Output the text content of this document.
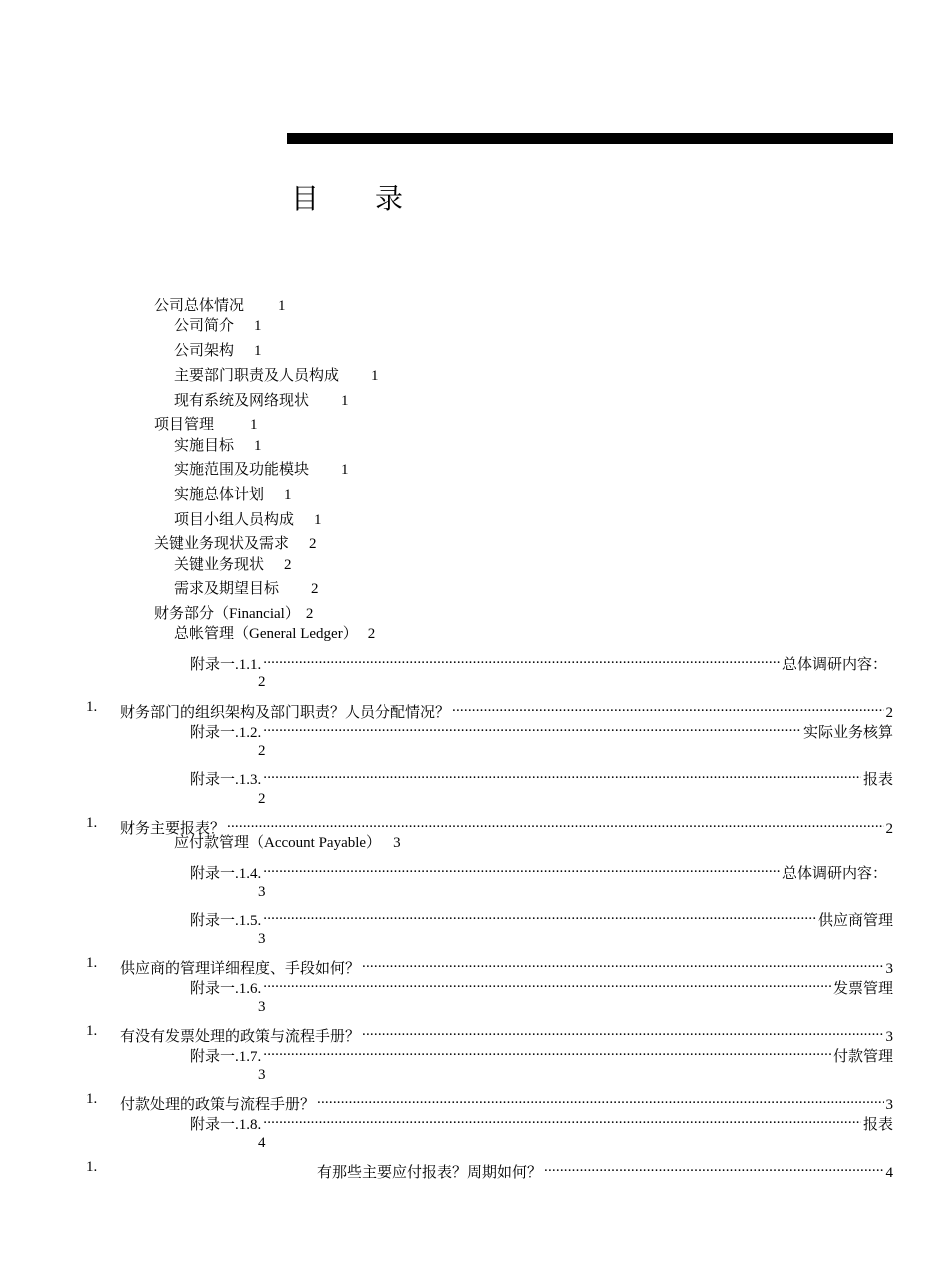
目　　录
公司总体情况 1
公司简介 1
公司架构 1
主要部门职责及人员构成 1
现有系统及网络现状 1
项目管理 1
实施目标 1
实施范围及功能模块 1
实施总体计划 1
项目小组人员构成 1
关键业务现状及需求 2
关键业务现状 2
需求及期望目标 2
财务部分（Financial） 2
总帐管理（General Ledger） 2
附录一.1.1. .....	总体调研内容：
2
1. 财务部门的组织架构及部门职责？人员分配情况？ .....	2
附录一.1.2. .....	实际业务核算
2
附录一.1.3. .....	报表
2
1. 财务主要报表？ .....	2
应付款管理（Account Payable） 3
附录一.1.4. .....	总体调研内容：
3
附录一.1.5. .....	供应商管理
3
1. 供应商的管理详细程度、手段如何？ .....	3
附录一.1.6. .....	发票管理
3
1. 有没有发票处理的政策与流程手册？ .....	3
附录一.1.7. .....	付款管理
3
1. 付款处理的政策与流程手册？ .....	3
附录一.1.8. .....	报表
4
1.	有那些主要应付报表？周期如何？ .....	4
